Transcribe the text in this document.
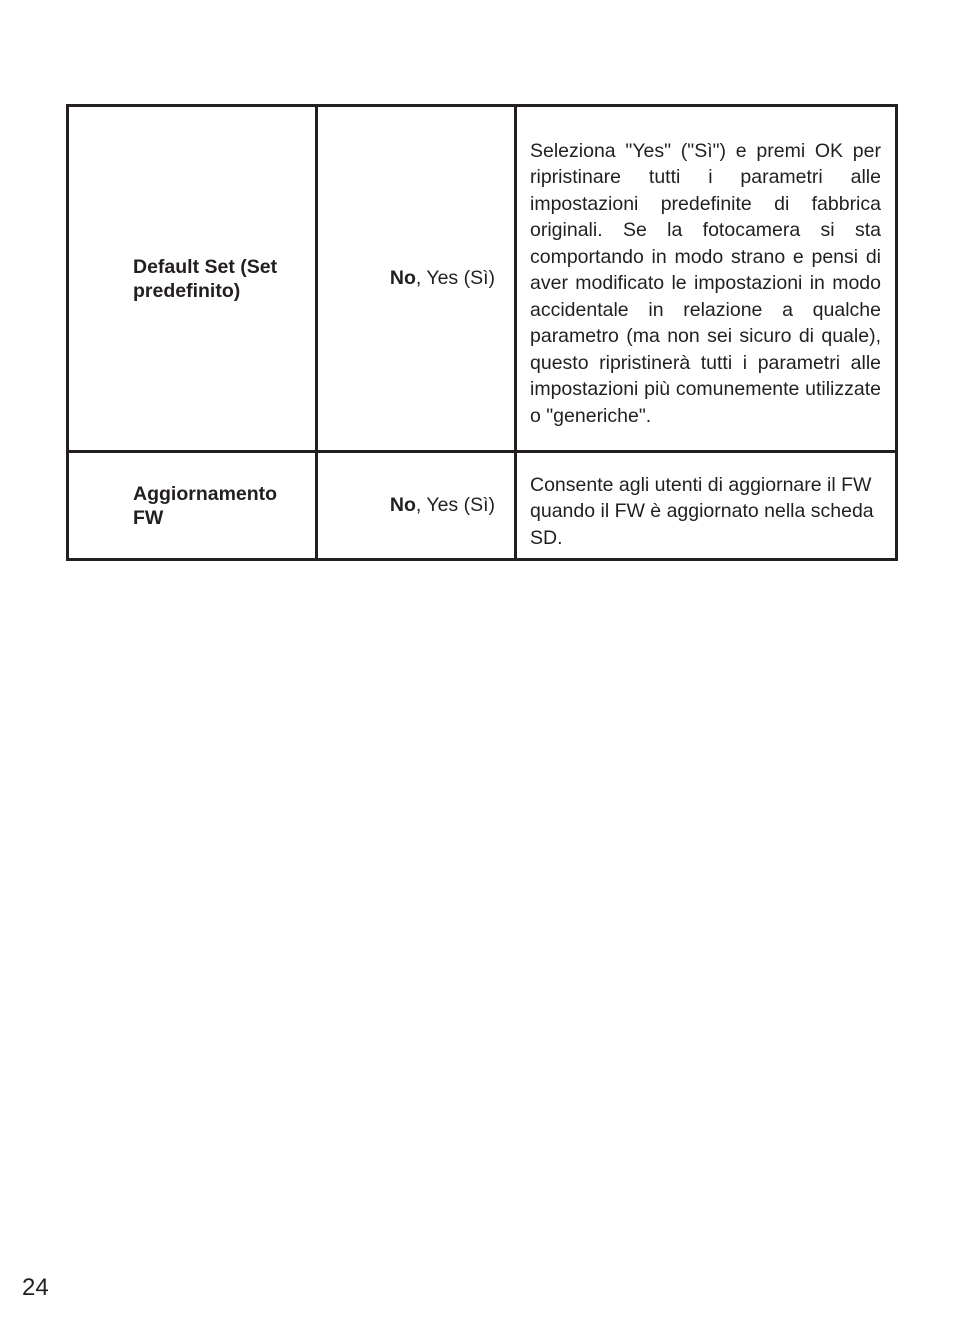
Default Set (Set predefinito)	No, Yes (Sì)	Seleziona "Yes" ("Sì") e premi OK per ripristinare tutti i parametri alle impostazioni predefinite di fabbrica originali. Se la fotocamera si sta comportando in modo strano e pensi di aver modificato le impostazioni in modo accidentale in relazione a qualche parametro (ma non sei sicuro di quale), questo ripristinerà tutti i parametri alle impostazioni più comunemente utilizzate o "generiche".
Aggiornamento FW	No, Yes (Sì)	Consente agli utenti di aggiornare il FW quando il FW è aggiornato nella scheda SD.
24
